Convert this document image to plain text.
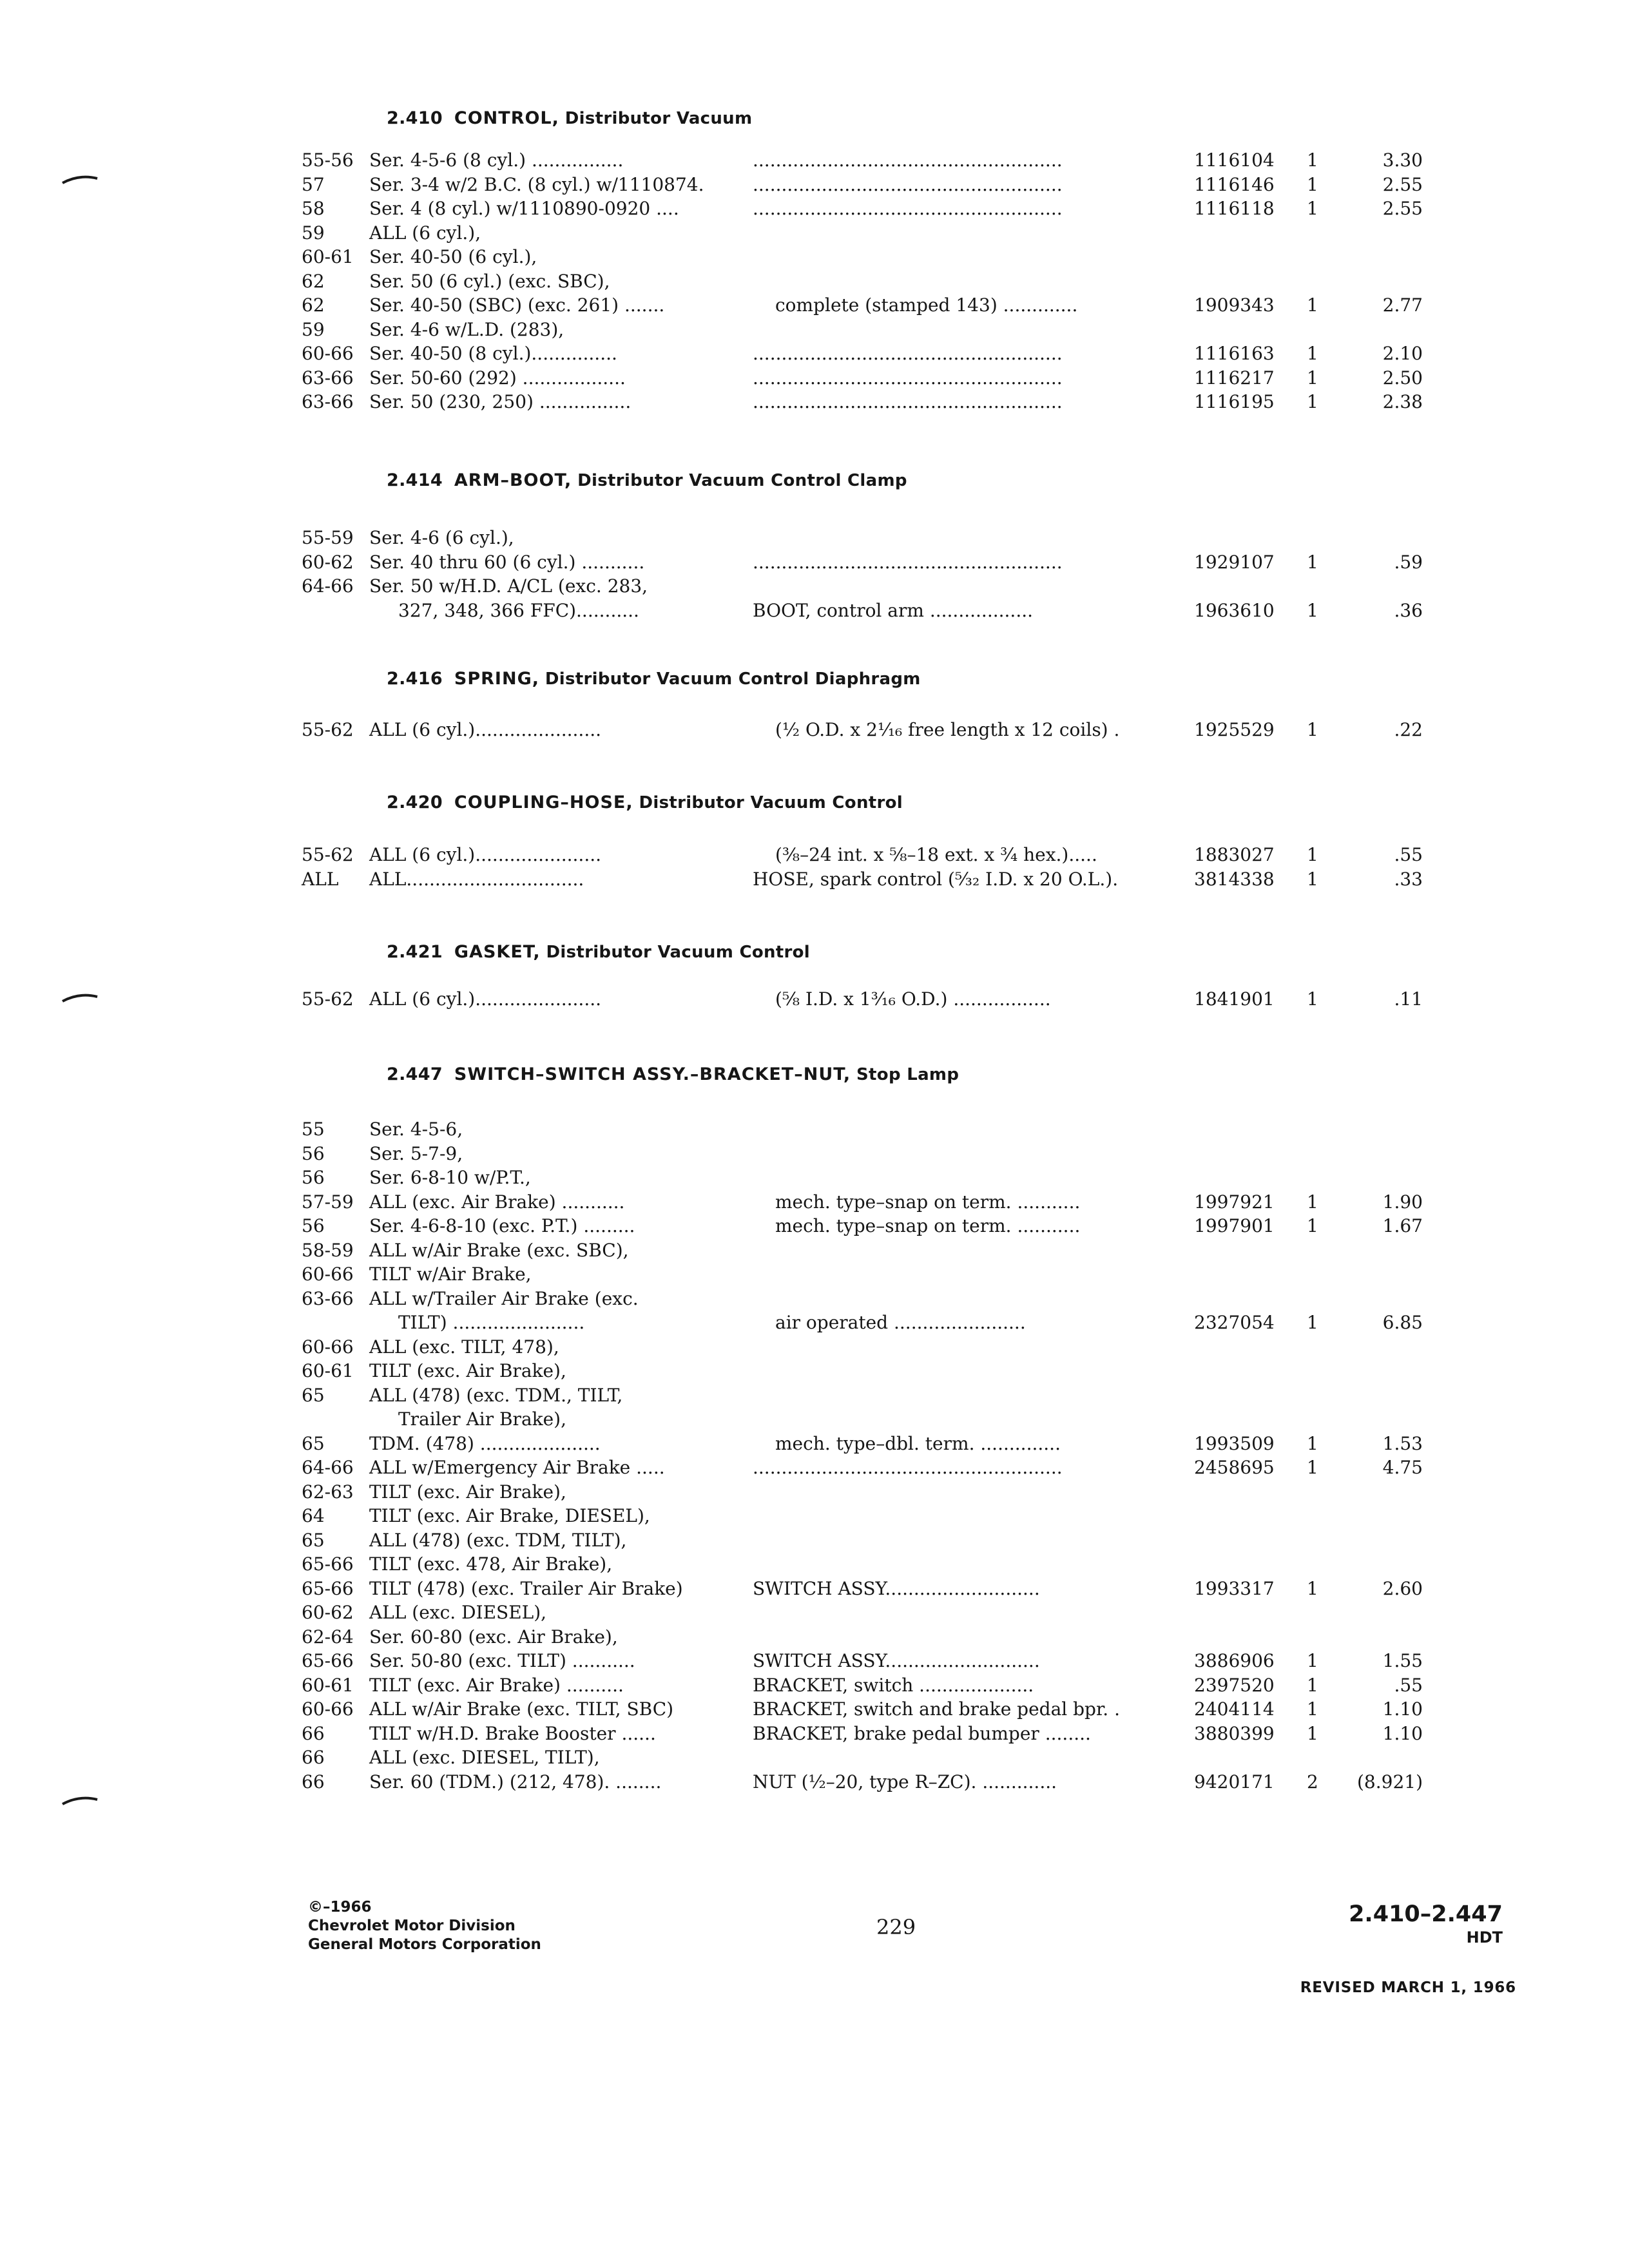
2.410 CONTROL, Distributor Vacuum
55-56 Ser. 4-5-6 (8 cyl.) ................	......................................................	1116104 1	3.30
57	Ser. 3-4 w/2 B.C. (8 cyl.) w/1110874.	......................................................	1116146 1	2.55
58	Ser. 4 (8 cyl.) w/1110890-0920 ....	......................................................	1116118 1	2.55
59	ALL (6 cyl.),
60-61 Ser. 40-50 (6 cyl.),
62	Ser. 50 (6 cyl.) (exc. SBC),
62	Ser. 40-50 (SBC) (exc. 261) .......	complete (stamped 143) .............	1909343 1	2.77
59	Ser. 4-6 w/L.D. (283),
60-66 Ser. 40-50 (8 cyl.)...............	......................................................	1116163 1	2.10
63-66 Ser. 50-60 (292) ..................	......................................................	1116217 1	2.50
63-66 Ser. 50 (230, 250) ................	......................................................	1116195 1	2.38
2.414 ARM–BOOT, Distributor Vacuum Control Clamp
55-59 Ser. 4-6 (6 cyl.),
60-62 Ser. 40 thru 60 (6 cyl.) ...........	......................................................	1929107 1	.59
64-66 Ser. 50 w/H.D. A/CL (exc. 283,
327, 348, 366 FFC)...........	BOOT, control arm ..................	1963610 1	.36
2.416 SPRING, Distributor Vacuum Control Diaphragm
55-62 ALL (6 cyl.)......................	(½ O.D. x 2¹⁄₁₆ free length x 12 coils) .	1925529 1	.22
2.420 COUPLING–HOSE, Distributor Vacuum Control
55-62 ALL (6 cyl.)......................	(⅜–24 int. x ⅝–18 ext. x ¾ hex.).....	1883027 1	.55
ALL	ALL...............................	HOSE, spark control (⁵⁄₃₂ I.D. x 20 O.L.).	3814338 1	.33
2.421 GASKET, Distributor Vacuum Control
55-62 ALL (6 cyl.)......................	(⅝ I.D. x 1³⁄₁₆ O.D.) .................	1841901 1	.11
2.447 SWITCH–SWITCH ASSY.–BRACKET–NUT, Stop Lamp
55	Ser. 4-5-6,
56	Ser. 5-7-9,
56	Ser. 6-8-10 w/P.T.,
57-59 ALL (exc. Air Brake) ...........	mech. type–snap on term. ...........	1997921 1	1.90
56	Ser. 4-6-8-10 (exc. P.T.) .........	mech. type–snap on term. ...........	1997901 1	1.67
58-59 ALL w/Air Brake (exc. SBC),
60-66 TILT w/Air Brake,
63-66 ALL w/Trailer Air Brake (exc.
TILT) .......................	air operated .......................	2327054 1	6.85
60-66 ALL (exc. TILT, 478),
60-61 TILT (exc. Air Brake),
65	ALL (478) (exc. TDM., TILT,
Trailer Air Brake),
65	TDM. (478) .....................	mech. type–dbl. term. ..............	1993509 1	1.53
64-66 ALL w/Emergency Air Brake .....	......................................................	2458695 1	4.75
62-63 TILT (exc. Air Brake),
64	TILT (exc. Air Brake, DIESEL),
65	ALL (478) (exc. TDM, TILT),
65-66 TILT (exc. 478, Air Brake),
65-66 TILT (478) (exc. Trailer Air Brake)	SWITCH ASSY...........................	1993317 1	2.60
60-62 ALL (exc. DIESEL),
62-64 Ser. 60-80 (exc. Air Brake),
65-66 Ser. 50-80 (exc. TILT) ...........	SWITCH ASSY...........................	3886906 1	1.55
60-61 TILT (exc. Air Brake) ..........	BRACKET, switch ....................	2397520 1	.55
60-66 ALL w/Air Brake (exc. TILT, SBC)	BRACKET, switch and brake pedal bpr. .	2404114 1	1.10
66	TILT w/H.D. Brake Booster ......	BRACKET, brake pedal bumper ........	3880399 1	1.10
66	ALL (exc. DIESEL, TILT),
66	Ser. 60 (TDM.) (212, 478). ........	NUT (½–20, type R–ZC). .............	9420171 2	(8.921)
©–1966
Chevrolet Motor Division
General Motors Corporation
229	2.410–2.447
HDT
REVISED MARCH 1, 1966
